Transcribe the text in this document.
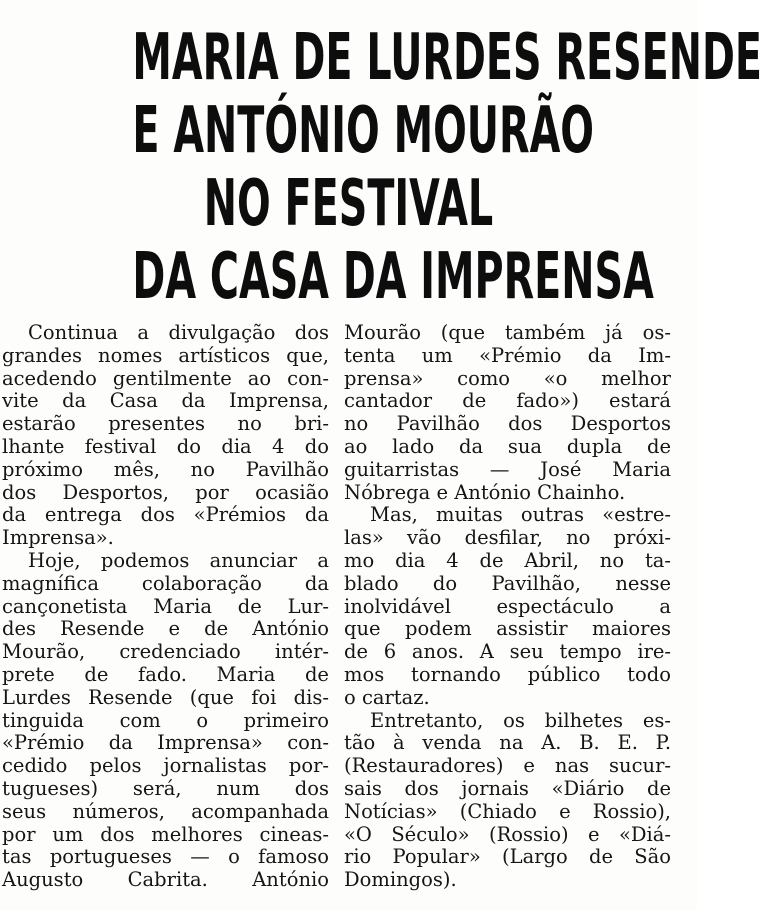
MARIA DE LURDES RESENDE
E ANTÓNIO MOURÃO
NO FESTIVAL
DA CASA DA IMPRENSA
Continua a divulgação dos
grandes nomes artísticos que,
acedendo gentilmente ao con-
vite da Casa da Imprensa,
estarão presentes no bri-
lhante festival do dia 4 do
próximo mês, no Pavilhão
dos Desportos, por ocasião
da entrega dos «Prémios da
Imprensa».
Hoje, podemos anunciar a
magnífica colaboração da
cançonetista Maria de Lur-
des Resende e de António
Mourão, credenciado intér-
prete de fado. Maria de
Lurdes Resende (que foi dis-
tinguida com o primeiro
«Prémio da Imprensa» con-
cedido pelos jornalistas por-
tugueses) será, num dos
seus números, acompanhada
por um dos melhores cineas-
tas portugueses — o famoso
Augusto Cabrita. António
Mourão (que também já os-
tenta um «Prémio da Im-
prensa» como «o melhor
cantador de fado») estará
no Pavilhão dos Desportos
ao lado da sua dupla de
guitarristas — José Maria
Nóbrega e António Chainho.
Mas, muitas outras «estre-
las» vão desfilar, no próxi-
mo dia 4 de Abril, no ta-
blado do Pavilhão, nesse
inolvidável espectáculo a
que podem assistir maiores
de 6 anos. A seu tempo ire-
mos tornando público todo
o cartaz.
Entretanto, os bilhetes es-
tão à venda na A. B. E. P.
(Restauradores) e nas sucur-
sais dos jornais «Diário de
Notícias» (Chiado e Rossio),
«O Século» (Rossio) e «Diá-
rio Popular» (Largo de São
Domingos).
